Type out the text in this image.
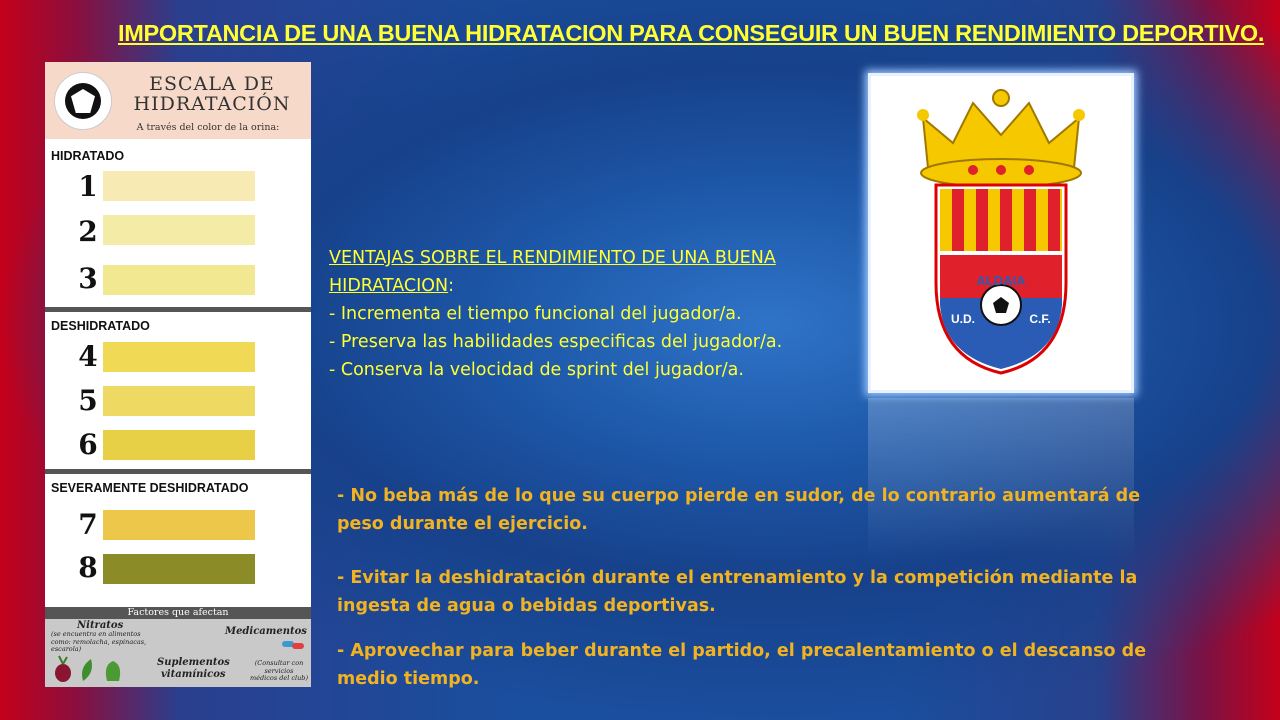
IMPORTANCIA DE UNA BUENA HIDRATACION PARA CONSEGUIR UN BUEN RENDIMIENTO DEPORTIVO.
ESCALA DE
HIDRATACIÓN
A través del color de la orina:
HIDRATADO
1
2
3
DESHIDRATADO
4
5
6
SEVERAMENTE DESHIDRATADO
7
8
Factores que afectan
Nitratos
(se encuentra en alimentos como: remolacha, espinacas, escarola)
Medicamentos
(Consultar con servicios médicos del club)
Suplementos
vitamínicos
ALDAIA
U.D.	C.F.
VENTAJAS SOBRE EL RENDIMIENTO DE UNA BUENA
HIDRATACION:
- Incrementa el tiempo funcional del jugador/a.
- Preserva las habilidades especificas del jugador/a.
- Conserva la velocidad de sprint del jugador/a.
- No beba más de lo que su cuerpo pierde en sudor, de lo contrario aumentará de
peso durante el ejercicio.
- Evitar la deshidratación durante el entrenamiento y la competición mediante la
ingesta de agua o bebidas deportivas.
- Aprovechar para beber durante el partido, el precalentamiento o el descanso de
medio tiempo.
